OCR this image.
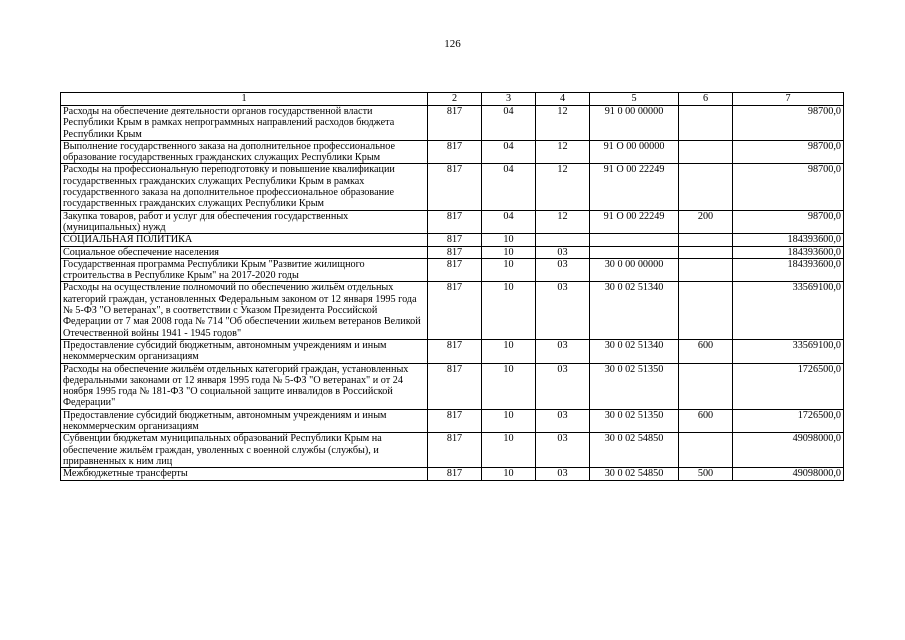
126
1	2	3	4	5	6	7
Расходы на обеспечение деятельности органов государственной власти Республики Крым в рамках непрограммных направлений расходов бюджета Республики Крым	817	04	12	91 0 00 00000		98700,0
Выполнение государственного заказа на дополнительное профессиональное образование государственных гражданских служащих Республики Крым	817	04	12	91 О 00 00000		98700,0
Расходы на профессиональную переподготовку и повышение квалификации государственных гражданских служащих Республики Крым в рамках государственного заказа на дополнительное профессиональное образование государственных гражданских служащих Республики Крым	817	04	12	91 О 00 22249		98700,0
Закупка товаров, работ и услуг для обеспечения государственных (муниципальных) нужд	817	04	12	91 О 00 22249	200	98700,0
СОЦИАЛЬНАЯ ПОЛИТИКА	817	10				184393600,0
Социальное обеспечение населения	817	10	03			184393600,0
Государственная программа Республики Крым "Развитие жилищного строительства в Республике Крым" на 2017-2020 годы	817	10	03	30 0 00 00000		184393600,0
Расходы на осуществление полномочий по обеспечению жильём отдельных категорий граждан, установленных Федеральным законом от 12 января 1995 года № 5-ФЗ "О ветеранах", в соответствии с Указом Президента Российской Федерации от 7 мая 2008 года № 714 "Об обеспечении жильем ветеранов Великой Отечественной войны 1941 - 1945 годов"	817	10	03	30 0 02 51340		33569100,0
Предоставление субсидий бюджетным, автономным учреждениям и иным некоммерческим организациям	817	10	03	30 0 02 51340	600	33569100,0
Расходы на обеспечение жильём отдельных категорий граждан, установленных федеральными законами от 12 января 1995 года № 5-ФЗ "О ветеранах" и от 24 ноября 1995 года № 181-ФЗ "О социальной защите инвалидов в Российской Федерации"	817	10	03	30 0 02 51350		1726500,0
Предоставление субсидий бюджетным, автономным учреждениям и иным некоммерческим организациям	817	10	03	30 0 02 51350	600	1726500,0
Субвенции бюджетам муниципальных образований Республики Крым на обеспечение жильём граждан, уволенных с военной службы (службы), и приравненных к ним лиц	817	10	03	30 0 02 54850		49098000,0
Межбюджетные трансферты	817	10	03	30 0 02 54850	500	49098000,0
